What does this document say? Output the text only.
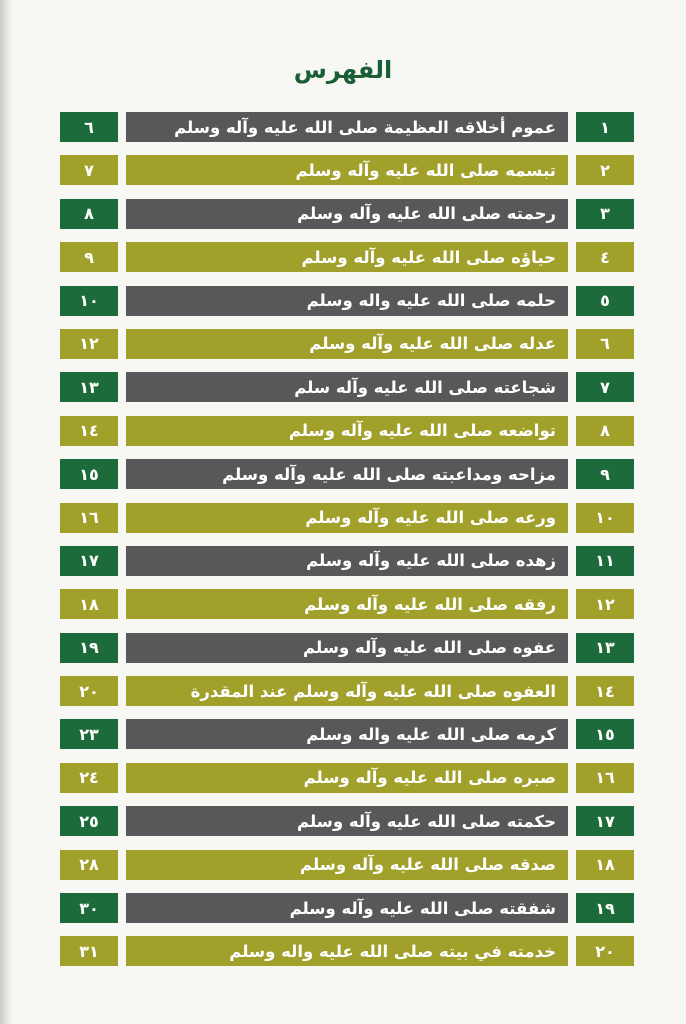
الفهرس
٦	عموم أخلاقه العظيمة صلى الله عليه وآله وسلم	١
٧	تبسمه صلى الله عليه وآله وسلم	٢
٨	رحمته صلى الله عليه وآله وسلم	٣
٩	حياؤه صلى الله عليه وآله وسلم	٤
١٠	حلمه صلى الله عليه واله وسلم	٥
١٢	عدله صلى الله عليه وآله وسلم	٦
١٣	شجاعته صلى الله عليه وآله سلم	٧
١٤	تواضعه صلى الله عليه وآله وسلم	٨
١٥	مزاحه ومداعبته صلى الله عليه وآله وسلم	٩
١٦	ورعه صلى الله عليه وآله وسلم	١٠
١٧	زهده صلى الله عليه وآله وسلم	١١
١٨	رفقه صلى الله عليه وآله وسلم	١٢
١٩	عفوه صلى الله عليه وآله وسلم	١٣
٢٠	العفوه صلى الله عليه وآله وسلم عند المقدرة	١٤
٢٣	كرمه صلى الله عليه واله وسلم	١٥
٢٤	صبره صلى الله عليه وآله وسلم	١٦
٢٥	حكمته صلى الله عليه وآله وسلم	١٧
٢٨	صدقه صلى الله عليه وآله وسلم	١٨
٣٠	شفقته صلى الله عليه وآله وسلم	١٩
٣١	خدمته في بيته صلى الله عليه واله وسلم	٢٠
